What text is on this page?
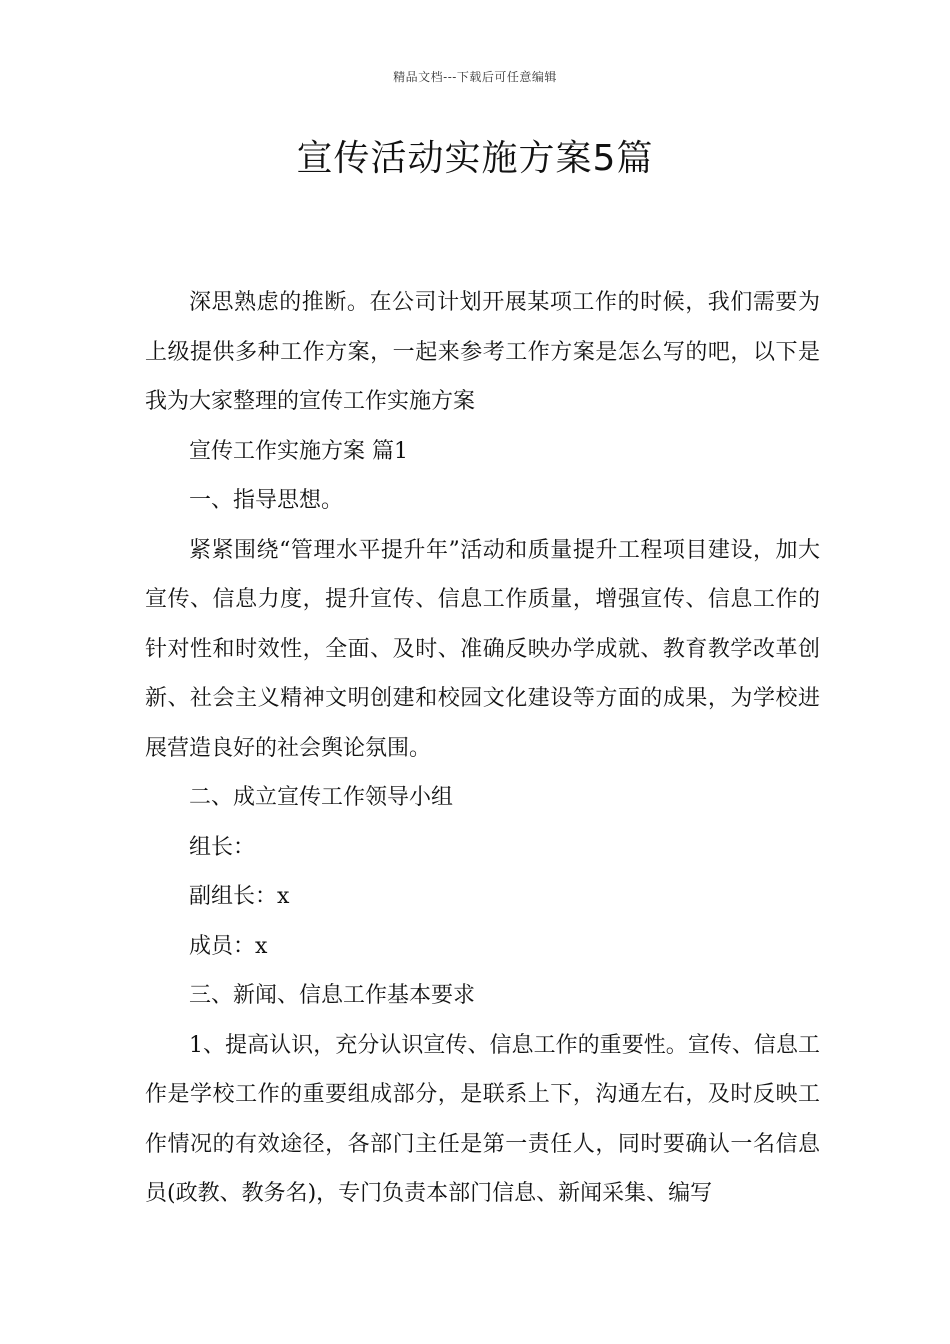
精品文档---下载后可任意编辑
宣传活动实施方案5篇

深思熟虑的推断。在公司计划开展某项工作的时候，我们需要为上级提供多种工作方案，一起来参考工作方案是怎么写的吧，以下是我为大家整理的宣传工作实施方案

宣传工作实施方案 篇1

一、指导思想。

紧紧围绕“管理水平提升年”活动和质量提升工程项目建设，加大宣传、信息力度，提升宣传、信息工作质量，增强宣传、信息工作的针对性和时效性，全面、及时、准确反映办学成就、教育教学改革创新、社会主义精神文明创建和校园文化建设等方面的成果，为学校进展营造良好的社会舆论氛围。

二、成立宣传工作领导小组

组长：

副组长：x

成员：x

三、新闻、信息工作基本要求

1、提高认识，充分认识宣传、信息工作的重要性。宣传、信息工作是学校工作的重要组成部分，是联系上下，沟通左右，及时反映工作情况的有效途径，各部门主任是第一责任人，同时要确认一名信息员(政教、教务名)，专门负责本部门信息、新闻采集、编写
